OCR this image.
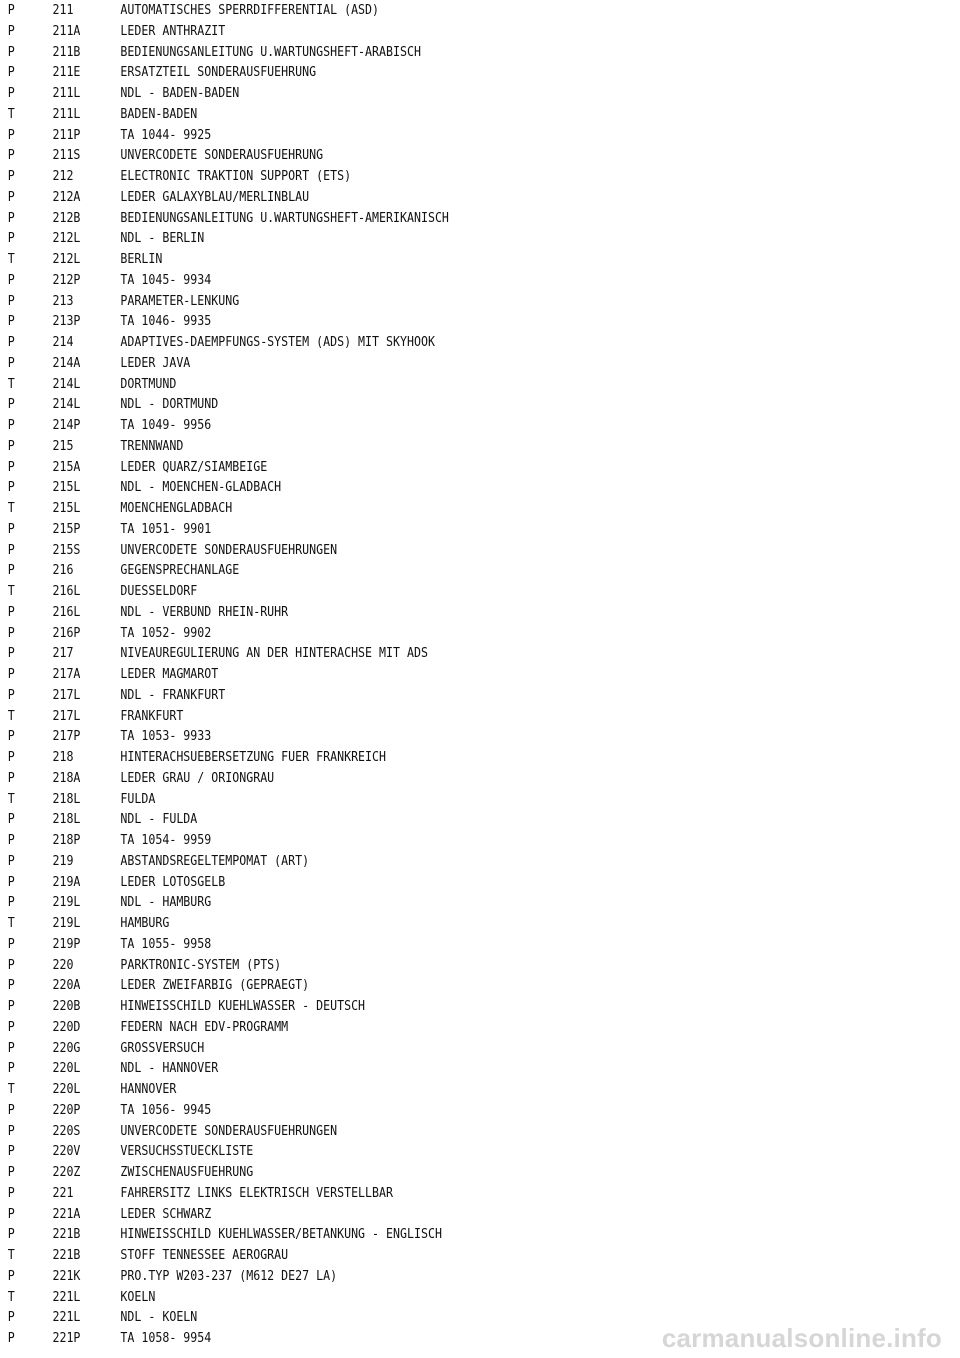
P	211	AUTOMATISCHES SPERRDIFFERENTIAL (ASD)
P	211A	LEDER ANTHRAZIT
P	211B	BEDIENUNGSANLEITUNG U.WARTUNGSHEFT-ARABISCH
P	211E	ERSATZTEIL SONDERAUSFUEHRUNG
P	211L	NDL - BADEN-BADEN
T	211L	BADEN-BADEN
P	211P	TA 1044- 9925
P	211S	UNVERCODETE SONDERAUSFUEHRUNG
P	212	ELECTRONIC TRAKTION SUPPORT (ETS)
P	212A	LEDER GALAXYBLAU/MERLINBLAU
P	212B	BEDIENUNGSANLEITUNG U.WARTUNGSHEFT-AMERIKANISCH
P	212L	NDL - BERLIN
T	212L	BERLIN
P	212P	TA 1045- 9934
P	213	PARAMETER-LENKUNG
P	213P	TA 1046- 9935
P	214	ADAPTIVES-DAEMPFUNGS-SYSTEM (ADS) MIT SKYHOOK
P	214A	LEDER JAVA
T	214L	DORTMUND
P	214L	NDL - DORTMUND
P	214P	TA 1049- 9956
P	215	TRENNWAND
P	215A	LEDER QUARZ/SIAMBEIGE
P	215L	NDL - MOENCHEN-GLADBACH
T	215L	MOENCHENGLADBACH
P	215P	TA 1051- 9901
P	215S	UNVERCODETE SONDERAUSFUEHRUNGEN
P	216	GEGENSPRECHANLAGE
T	216L	DUESSELDORF
P	216L	NDL - VERBUND RHEIN-RUHR
P	216P	TA 1052- 9902
P	217	NIVEAUREGULIERUNG AN DER HINTERACHSE MIT ADS
P	217A	LEDER MAGMAROT
P	217L	NDL - FRANKFURT
T	217L	FRANKFURT
P	217P	TA 1053- 9933
P	218	HINTERACHSUEBERSETZUNG FUER FRANKREICH
P	218A	LEDER GRAU / ORIONGRAU
T	218L	FULDA
P	218L	NDL - FULDA
P	218P	TA 1054- 9959
P	219	ABSTANDSREGELTEMPOMAT (ART)
P	219A	LEDER LOTOSGELB
P	219L	NDL - HAMBURG
T	219L	HAMBURG
P	219P	TA 1055- 9958
P	220	PARKTRONIC-SYSTEM (PTS)
P	220A	LEDER ZWEIFARBIG (GEPRAEGT)
P	220B	HINWEISSCHILD KUEHLWASSER - DEUTSCH
P	220D	FEDERN NACH EDV-PROGRAMM
P	220G	GROSSVERSUCH
P	220L	NDL - HANNOVER
T	220L	HANNOVER
P	220P	TA 1056- 9945
P	220S	UNVERCODETE SONDERAUSFUEHRUNGEN
P	220V	VERSUCHSSTUECKLISTE
P	220Z	ZWISCHENAUSFUEHRUNG
P	221	FAHRERSITZ LINKS ELEKTRISCH VERSTELLBAR
P	221A	LEDER SCHWARZ
P	221B	HINWEISSCHILD KUEHLWASSER/BETANKUNG - ENGLISCH
T	221B	STOFF TENNESSEE AEROGRAU
P	221K	PRO.TYP W203-237 (M612 DE27 LA)
T	221L	KOELN
P	221L	NDL - KOELN
P	221P	TA 1058- 9954	carmanualsonline.info
